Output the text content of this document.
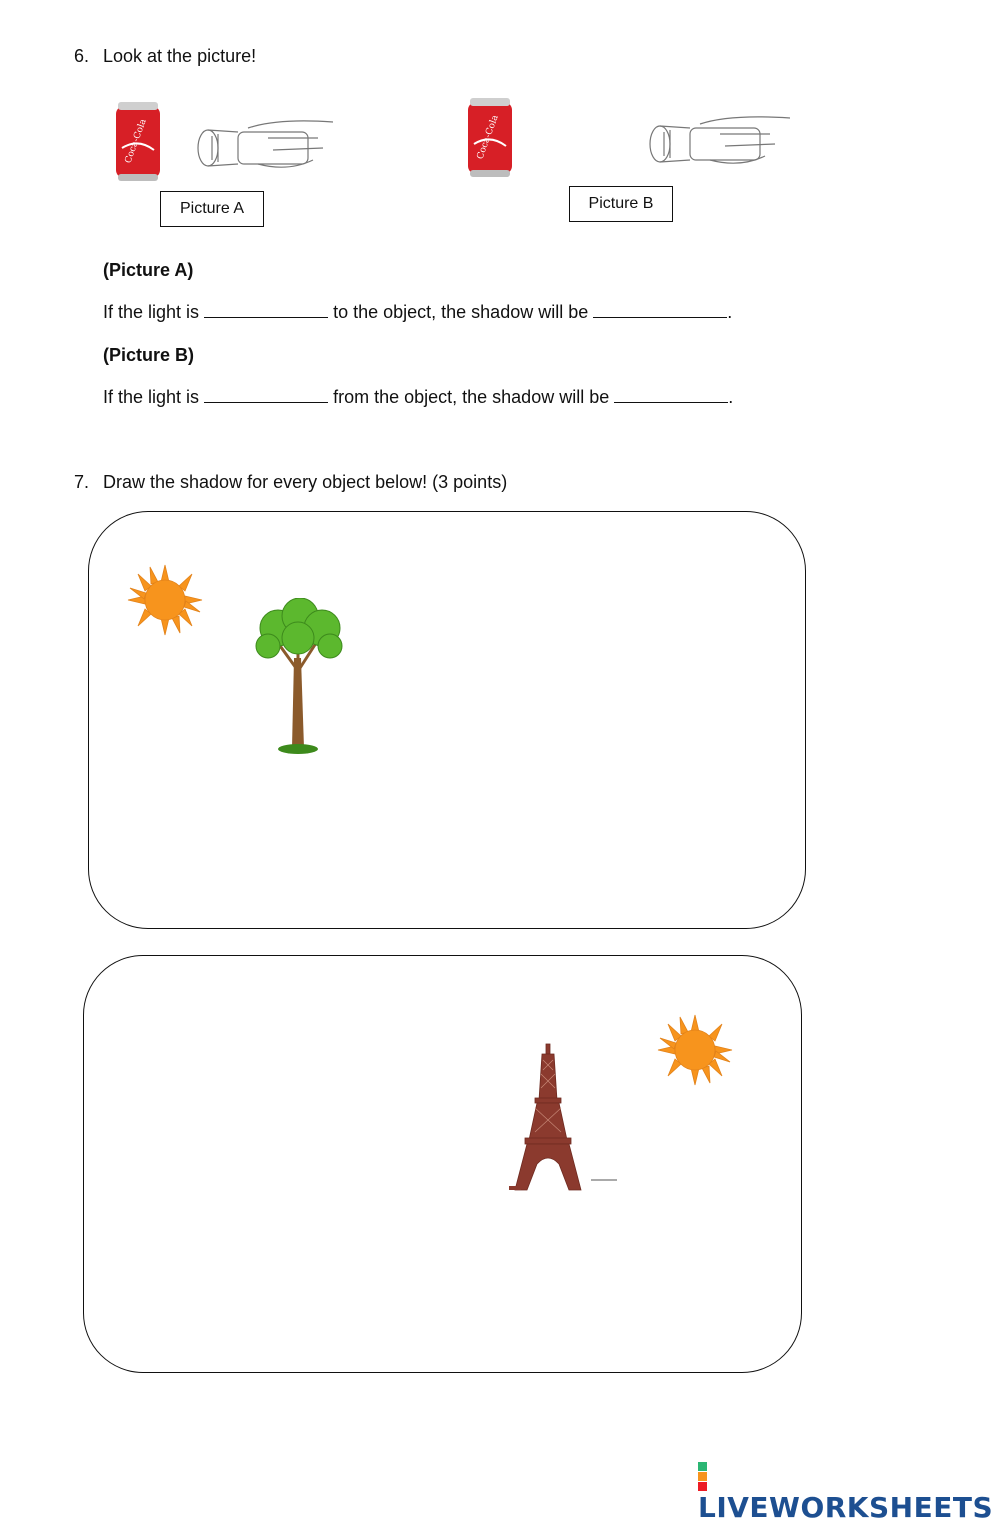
6. Look at the picture!
Coca-Cola	Coca-Cola
Picture A	Picture B
(Picture A)
If the light is	to the object, the shadow will be	.
(Picture B)
If the light is	from the object, the shadow will be	.
7. Draw the shadow for every object below! (3 points)
LIVEWORKSHEETS
